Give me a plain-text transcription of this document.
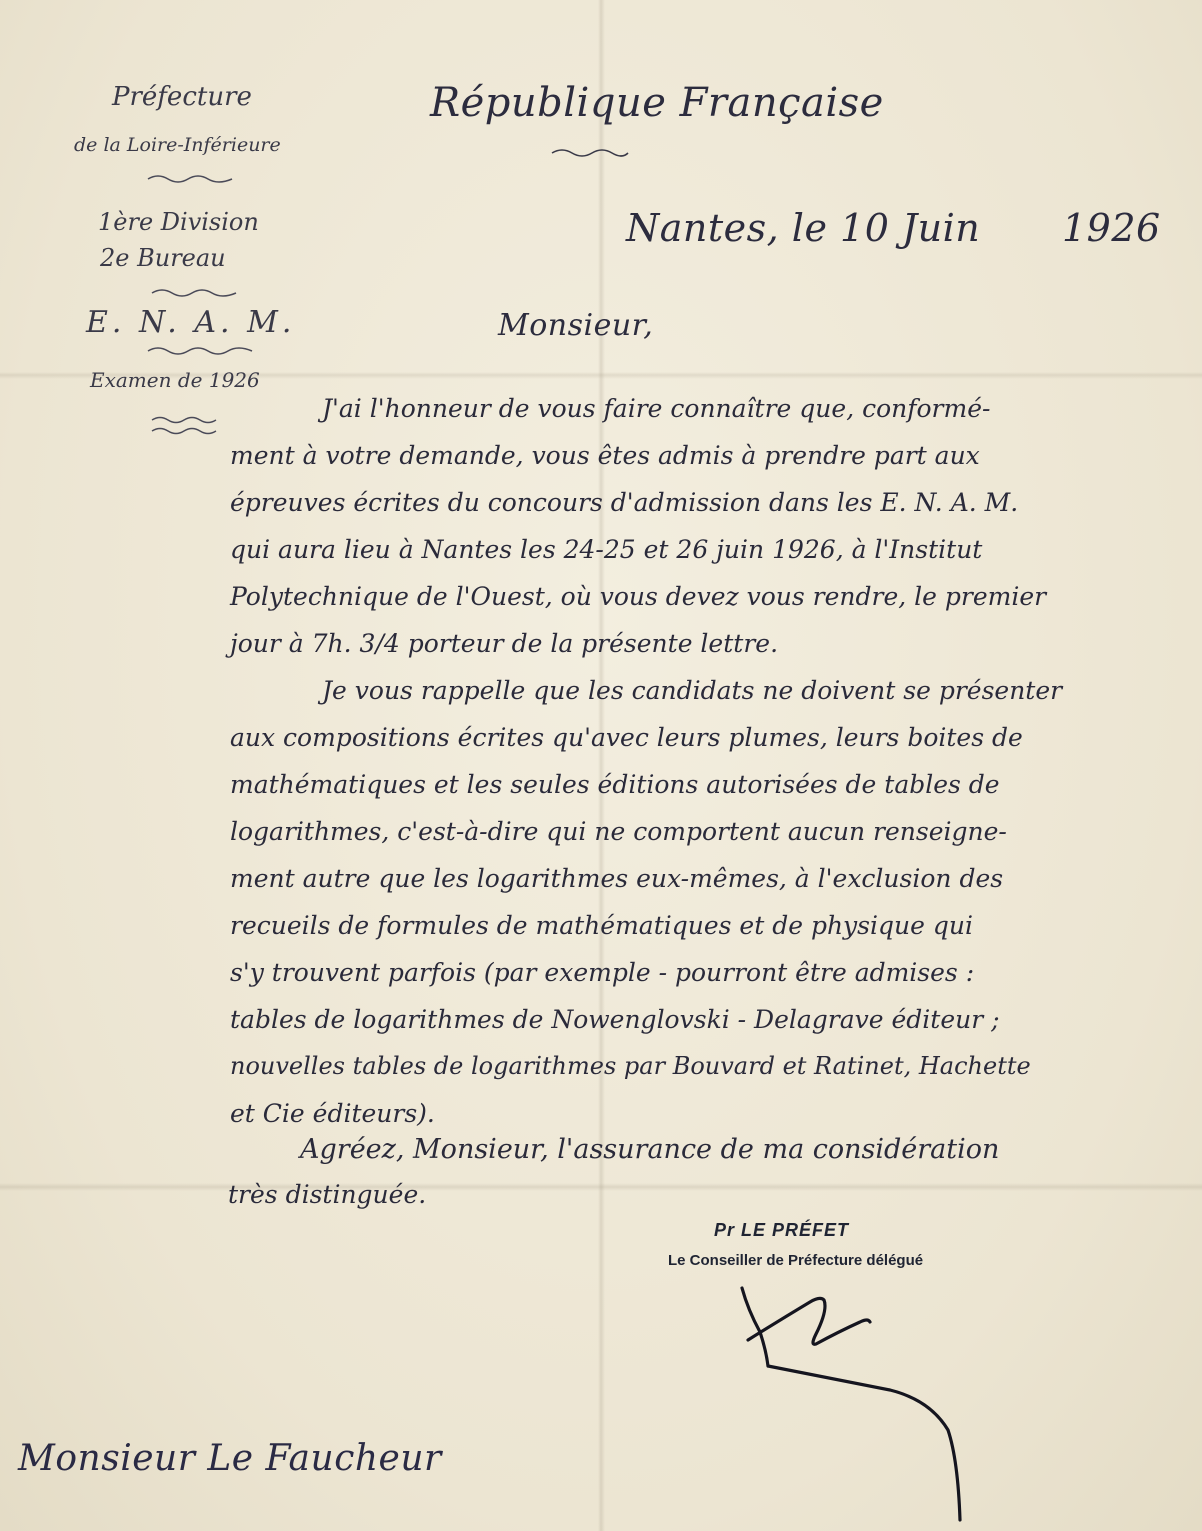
Préfecture
de la Loire-Inférieure
1ère Division
2e Bureau
E. N. A. M.
Examen de 1926
République Française
Nantes, le 10 Juin 1926
Monsieur,
J'ai l'honneur de vous faire connaître que, conformé-
ment à votre demande, vous êtes admis à prendre part aux
épreuves écrites du concours d'admission dans les E. N. A. M.
qui aura lieu à Nantes les 24-25 et 26 juin 1926, à l'Institut
Polytechnique de l'Ouest, où vous devez vous rendre, le premier
jour à 7h. 3/4 porteur de la présente lettre.
Je vous rappelle que les candidats ne doivent se présenter
aux compositions écrites qu'avec leurs plumes, leurs boites de
mathématiques et les seules éditions autorisées de tables de
logarithmes, c'est-à-dire qui ne comportent aucun renseigne-
ment autre que les logarithmes eux-mêmes, à l'exclusion des
recueils de formules de mathématiques et de physique qui
s'y trouvent parfois (par exemple - pourront être admises :
tables de logarithmes de Nowenglovski - Delagrave éditeur ;
nouvelles tables de logarithmes par Bouvard et Ratinet, Hachette
et Cie éditeurs).
Agréez, Monsieur, l'assurance de ma considération
très distinguée.
Pr LE PRÉFET
Le Conseiller de Préfecture délégué
Monsieur Le Faucheur
